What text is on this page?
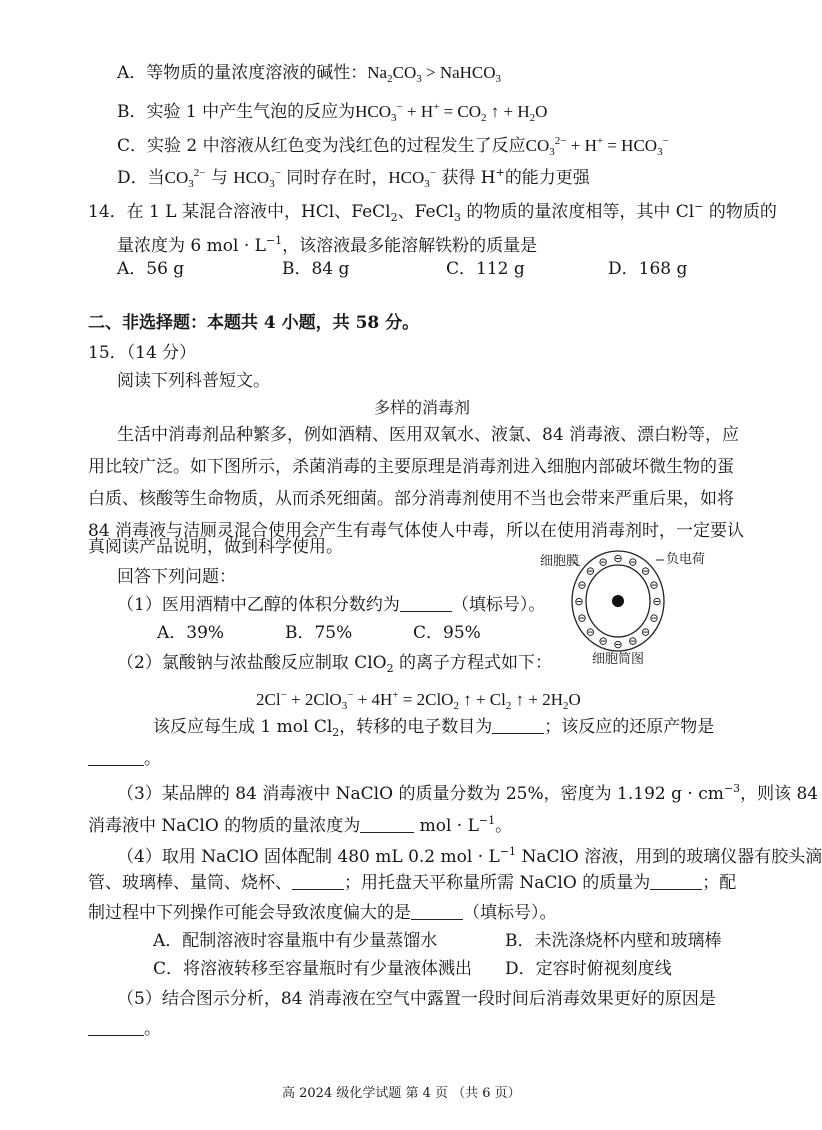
A．等物质的量浓度溶液的碱性：$Na_2CO_3$ > NaHCO$_3$
B．实验 1 中产生气泡的反应为$HCO_3^- + H^+ = CO_2$ ↑ + $H_2O$
C．实验 2 中溶液从红色变为浅红色的过程发生了反应$CO_3^{2-} + H^+ = HCO_3^-$
D．当$CO_3^{2-}$ 与 $HCO_3^-$ 同时存在时，$HCO_3^-$ 获得 H+的能力更强
14．在 1 L 某混合溶液中，HCl、FeCl$_2$、FeCl$_3$ 的物质的量浓度相等，其中 Cl− 的物质的
量浓度为 6 mol · $L^{-1}$，该溶液最多能溶解铁粉的质量是
A．56 g	B．84 g	C．112 g	D．168 g
二、非选择题：本题共 4 小题，共 58 分。
15．（14 分）
阅读下列科普短文。
多样的消毒剂
生活中消毒剂品种繁多，例如酒精、医用双氧水、液氯、84 消毒液、漂白粉等，应
用比较广泛。如下图所示，杀菌消毒的主要原理是消毒剂进入细胞内部破坏微生物的蛋
白质、核酸等生命物质，从而杀死细菌。部分消毒剂使用不当也会带来严重后果，如将
84 消毒液与洁厕灵混合使用会产生有毒气体使人中毒，所以在使用消毒剂时，一定要认
真阅读产品说明，做到科学使用。
回答下列问题：
⊖
⊖
⊖
⊖
⊖
⊖
⊖
⊖
⊖
⊖
⊖
⊖ ⊖ ⊖
⊖
⊖
细胞膜	负电荷
细胞简图
（1）医用酒精中乙醇的体积分数约为	（填标号）。
A．39%	B．75%	C．95%
（2）氯酸钠与浓盐酸反应制取 ClO$_2$ 的离子方程式如下：
2Cl− + 2ClO$_3$− + 4H+ = 2ClO$_2$ ↑ + $Cl_2$ ↑ + $2H_2O$
该反应每生成 1 mol $Cl_2$，转移的电子数目为	；该反应的还原产物是
。
（3）某品牌的 84 消毒液中 NaClO 的质量分数为 25%，密度为 1.192 $g \cdot cm^{-3}$，则该 84
消毒液中 NaClO 的物质的量浓度为	mol · $L^{-1}$。
（4）取用 NaClO 固体配制 480 mL 0.2 mol · $L^{-1}$ NaClO 溶液，用到的玻璃仪器有胶头滴
管、玻璃棒、量筒、烧杯、	；用托盘天平称量所需 NaClO 的质量为	；配
制过程中下列操作可能会导致浓度偏大的是	（填标号）。
A．配制溶液时容量瓶中有少量蒸馏水	B．未洗涤烧杯内壁和玻璃棒
C．将溶液转移至容量瓶时有少量液体溅出 D．定容时俯视刻度线
（5）结合图示分析，84 消毒液在空气中露置一段时间后消毒效果更好的原因是
。
高 2024 级化学试题 第 4 页 （共 6 页）
